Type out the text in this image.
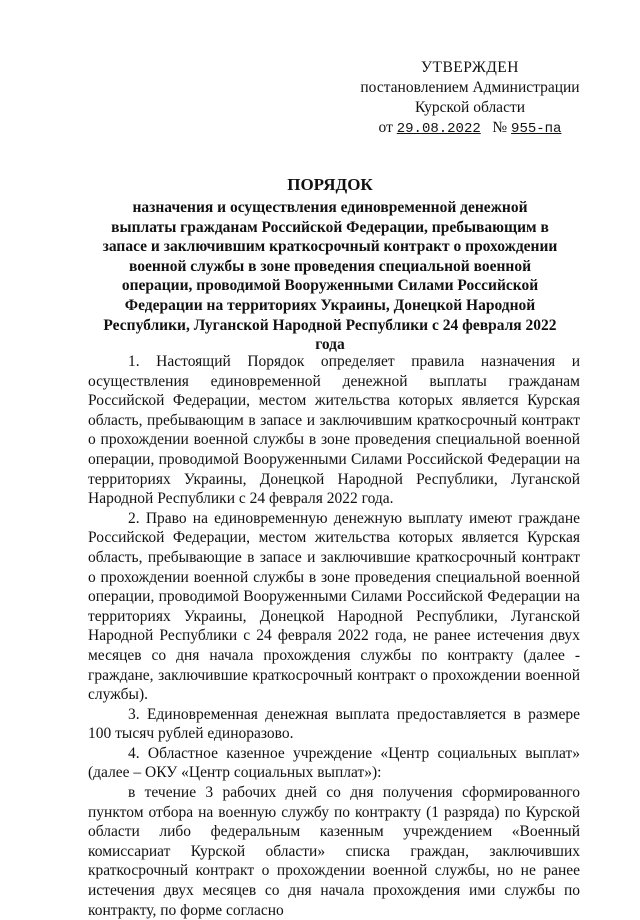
УТВЕРЖДЕН
постановлением Администрации
Курской области
от 29.08.2022 № 955-па
ПОРЯДОК
назначения и осуществления единовременной денежной выплаты гражданам Российской Федерации, пребывающим в запасе и заключившим краткосрочный контракт о прохождении военной службы в зоне проведения специальной военной операции, проводимой Вооруженными Силами Российской Федерации на территориях Украины, Донецкой Народной Республики, Луганской Народной Республики с 24 февраля 2022 года

1. Настоящий Порядок определяет правила назначения и осуществления единовременной денежной выплаты гражданам Российской Федерации, местом жительства которых является Курская область, пребывающим в запасе и заключившим краткосрочный контракт о прохождении военной службы в зоне проведения специальной военной операции, проводимой Вооруженными Силами Российской Федерации на территориях Украины, Донецкой Народной Республики, Луганской Народной Республики с 24 февраля 2022 года.

2. Право на единовременную денежную выплату имеют граждане Российской Федерации, местом жительства которых является Курская область, пребывающие в запасе и заключившие краткосрочный контракт о прохождении военной службы в зоне проведения специальной военной операции, проводимой Вооруженными Силами Российской Федерации на территориях Украины, Донецкой Народной Республики, Луганской Народной Республики с 24 февраля 2022 года, не ранее истечения двух месяцев со дня начала прохождения службы по контракту (далее - граждане, заключившие краткосрочный контракт о прохождении военной службы).

3. Единовременная денежная выплата предоставляется в размере 100 тысяч рублей единоразово.

4. Областное казенное учреждение «Центр социальных выплат» (далее – ОКУ «Центр социальных выплат»):

в течение 3 рабочих дней со дня получения сформированного пунктом отбора на военную службу по контракту (1 разряда) по Курской области либо федеральным казенным учреждением «Военный комиссариат Курской области» списка граждан, заключивших краткосрочный контракт о прохождении военной службы, но не ранее истечения двух месяцев со дня начала прохождения ими службы по контракту, по форме согласно
